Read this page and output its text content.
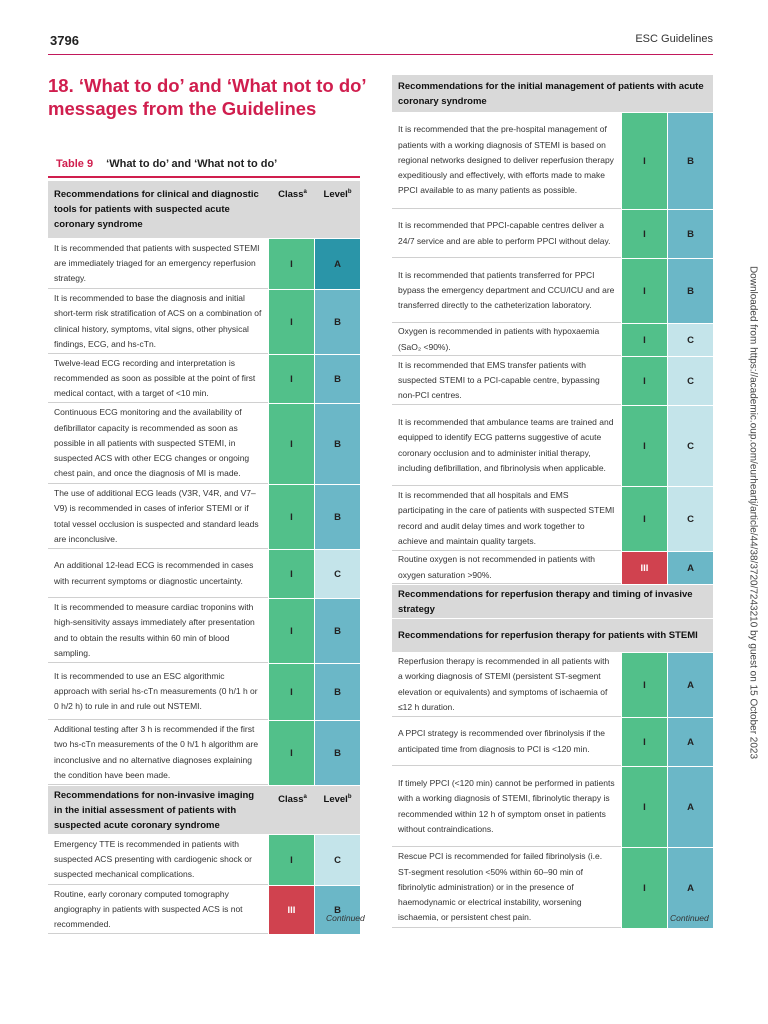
3796	ESC Guidelines
18. ‘What to do’ and ‘What not to do’ messages from the Guidelines
Table 9 ‘What to do’ and ‘What not to do’
Recommendations for clinical and diagnostic tools for patients with suspected acute coronary syndrome
Class$^a$	Level$^b$
It is recommended that patients with suspected STEMI are immediately triaged for an emergency reperfusion strategy.
I	A
It is recommended to base the diagnosis and initial short-term risk stratification of ACS on a combination of clinical history, symptoms, vital signs, other physical findings, ECG, and hs-cTn.
I	B
Twelve-lead ECG recording and interpretation is recommended as soon as possible at the point of first medical contact, with a target of <10 min.
I	B
Continuous ECG monitoring and the availability of defibrillator capacity is recommended as soon as possible in all patients with suspected STEMI, in suspected ACS with other ECG changes or ongoing chest pain, and once the diagnosis of MI is made.
I	B
The use of additional ECG leads (V3R, V4R, and V7–V9) is recommended in cases of inferior STEMI or if total vessel occlusion is suspected and standard leads are inconclusive.
I	B
An additional 12-lead ECG is recommended in cases with recurrent symptoms or diagnostic uncertainty.
I	C
It is recommended to measure cardiac troponins with high-sensitivity assays immediately after presentation and to obtain the results within 60 min of blood sampling.
I	B
It is recommended to use an ESC algorithmic approach with serial hs-cTn measurements (0 h/1 h or 0 h/2 h) to rule in and rule out NSTEMI.
I	B
Additional testing after 3 h is recommended if the first two hs-cTn measurements of the 0 h/1 h algorithm are inconclusive and no alternative diagnoses explaining the condition have been made.
I	B
Recommendations for non-invasive imaging in the initial assessment of patients with suspected acute coronary syndrome
Class$^a$	Level$^b$
Emergency TTE is recommended in patients with suspected ACS presenting with cardiogenic shock or suspected mechanical complications.
I	C
Routine, early coronary computed tomography angiography in patients with suspected ACS is not recommended.
III	B
Recommendations for the initial management of patients with acute coronary syndrome
It is recommended that the pre-hospital management of patients with a working diagnosis of STEMI is based on regional networks designed to deliver reperfusion therapy expeditiously and effectively, with efforts made to make PPCI available to as many patients as possible.
I	B
It is recommended that PPCI-capable centres deliver a 24/7 service and are able to perform PPCI without delay.
I	B
It is recommended that patients transferred for PPCI bypass the emergency department and CCU/ICU and are transferred directly to the catheterization laboratory.
I	B
Oxygen is recommended in patients with hypoxaemia (SaO₂ <90%).
I	C
It is recommended that EMS transfer patients with suspected STEMI to a PCI-capable centre, bypassing non-PCI centres.
I	C
It is recommended that ambulance teams are trained and equipped to identify ECG patterns suggestive of acute coronary occlusion and to administer initial therapy, including defibrillation, and fibrinolysis when applicable.
I	C
It is recommended that all hospitals and EMS participating in the care of patients with suspected STEMI record and audit delay times and work together to achieve and maintain quality targets.
I	C
Routine oxygen is not recommended in patients with oxygen saturation >90%.
III	A
Recommendations for reperfusion therapy and timing of invasive strategy
Recommendations for reperfusion therapy for patients with STEMI
Reperfusion therapy is recommended in all patients with a working diagnosis of STEMI (persistent ST-segment elevation or equivalents) and symptoms of ischaemia of ≤12 h duration.
I	A
A PPCI strategy is recommended over fibrinolysis if the anticipated time from diagnosis to PCI is <120 min.
I	A
If timely PPCI (<120 min) cannot be performed in patients with a working diagnosis of STEMI, fibrinolytic therapy is recommended within 12 h of symptom onset in patients without contraindications.
I	A
Rescue PCI is recommended for failed fibrinolysis (i.e. ST-segment resolution <50% within 60–90 min of fibrinolytic administration) or in the presence of haemodynamic or electrical instability, worsening ischaemia, or persistent chest pain.
I	A
Continued	Continued
Downloaded from https://academic.oup.com/eurheartj/article/44/38/3720/7243210 by guest on 15 October 2023
